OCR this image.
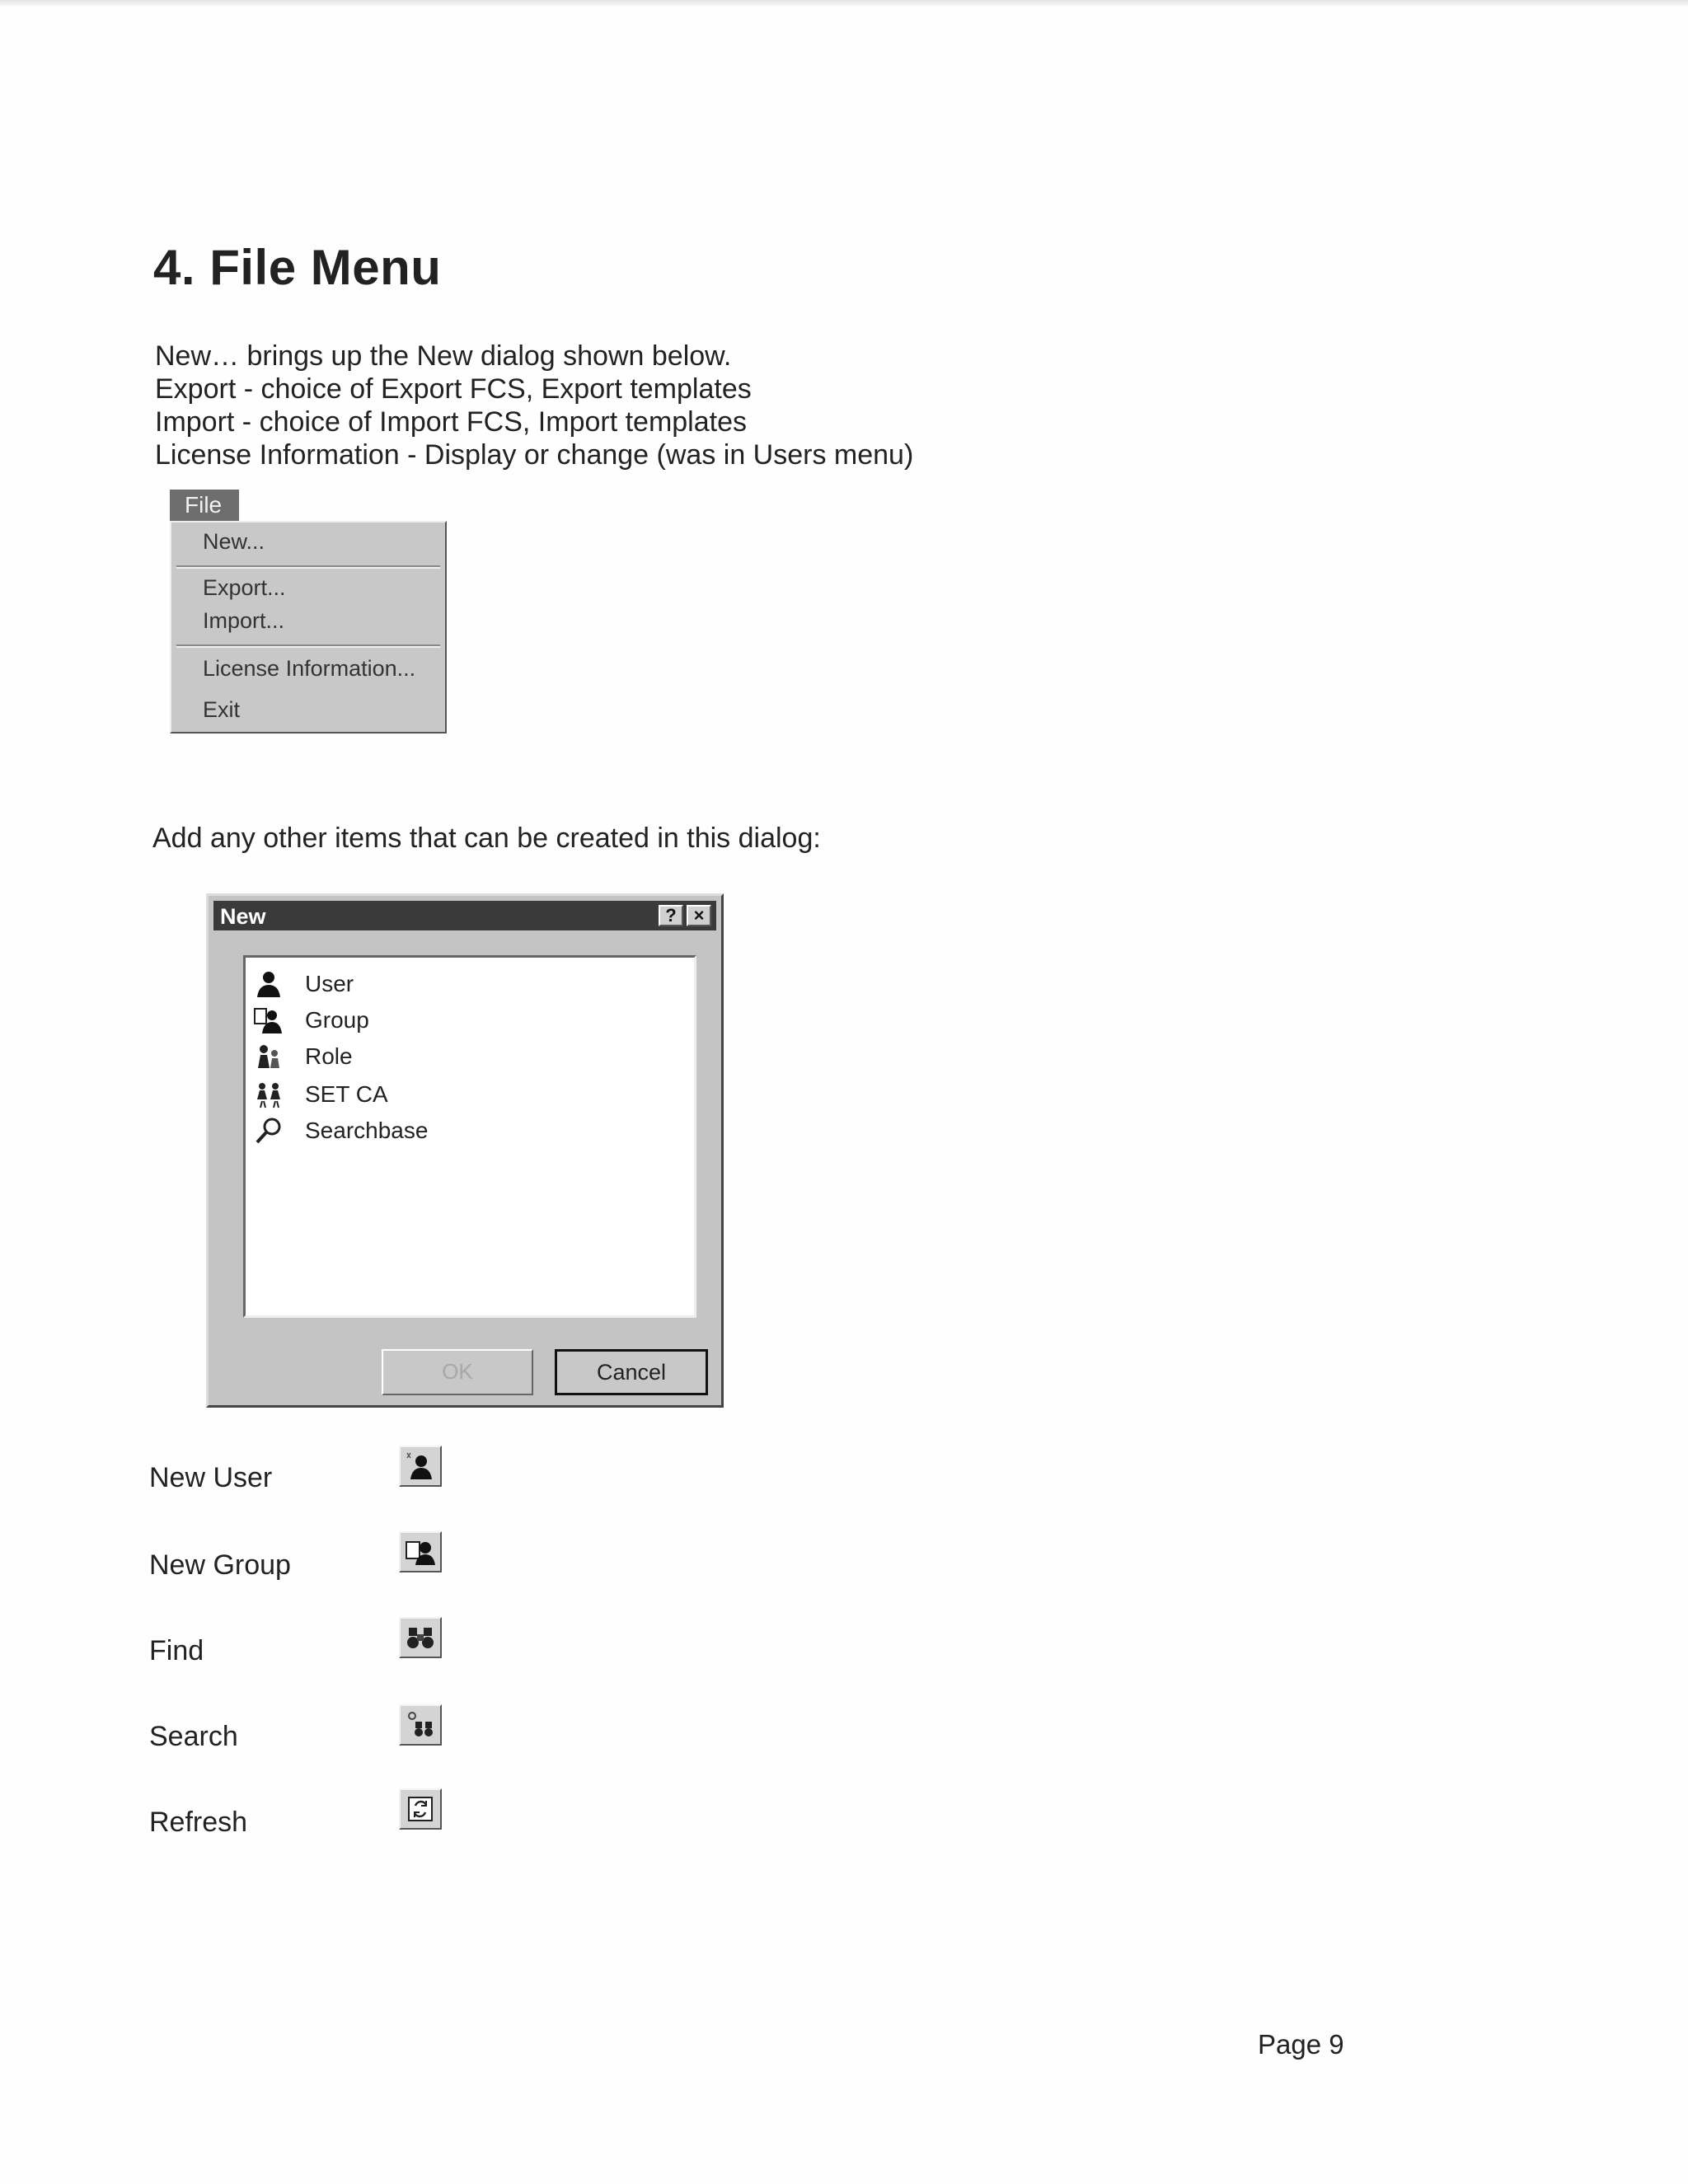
4. File Menu
New… brings up the New dialog shown below.
Export - choice of Export FCS, Export templates
Import - choice of Import FCS, Import templates
License Information - Display or change (was in Users menu)
File
New...
Export...
Import...
License Information...
Exit
Add any other items that can be created in this dialog:
New	? ×
User
Group
Role
SET CA
Searchbase
OK	Cancel
New User
New Group
Find
Search
Refresh
Page 9
